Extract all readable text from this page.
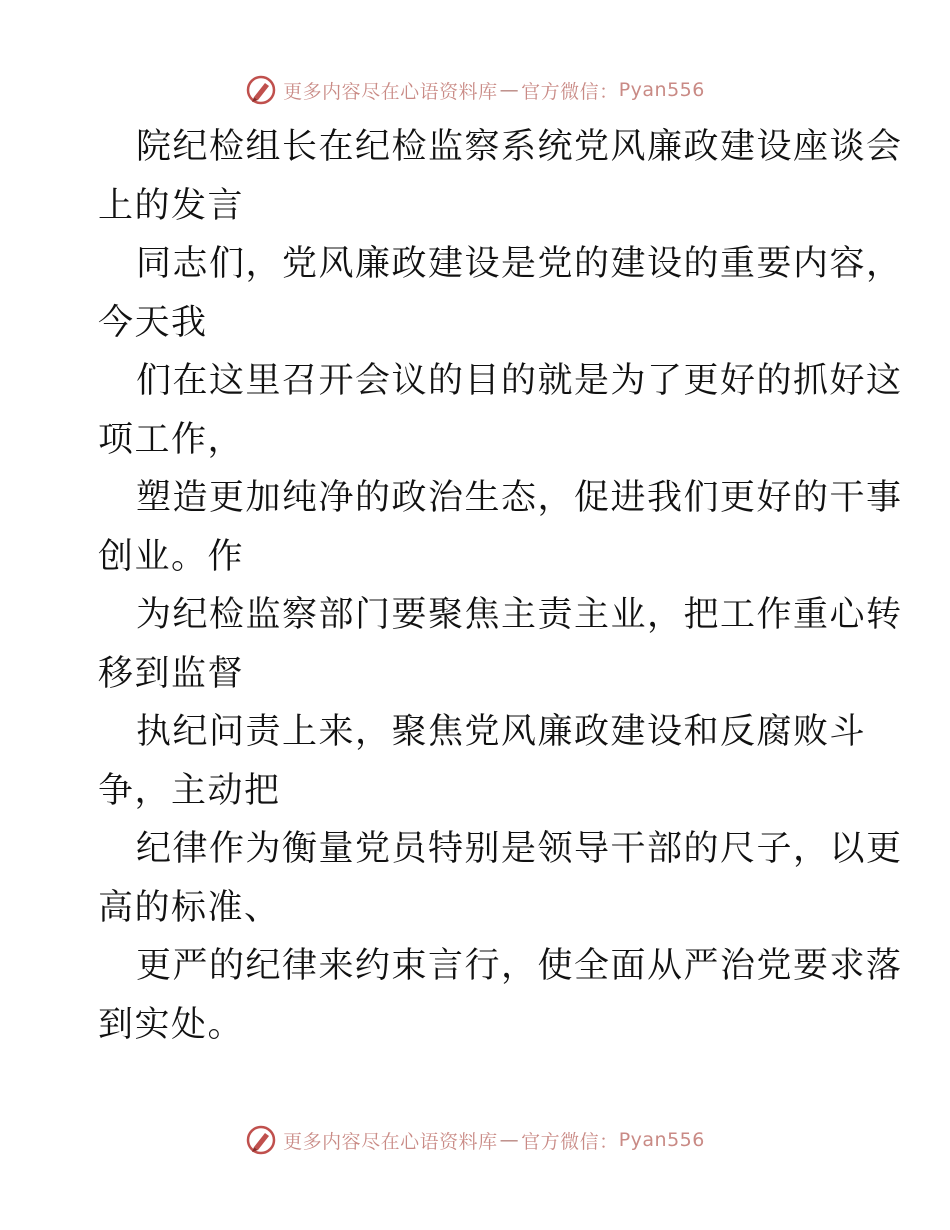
更多内容尽在心语资料库 — 官方微信： Pyan556

院纪检组长在纪检监察系统党风廉政建设座谈会
上的发言

同志们，党风廉政建设是党的建设的重要内容，
今天我

们在这里召开会议的目的就是为了更好的抓好这
项工作，

塑造更加纯净的政治生态，促进我们更好的干事
创业。作

为纪检监察部门要聚焦主责主业，把工作重心转
移到监督

执纪问责上来，聚焦党风廉政建设和反腐败斗
争，主动把

纪律作为衡量党员特别是领导干部的尺子，以更
高的标准、

更严的纪律来约束言行，使全面从严治党要求落
到实处。

更多内容尽在心语资料库 — 官方微信： Pyan556
